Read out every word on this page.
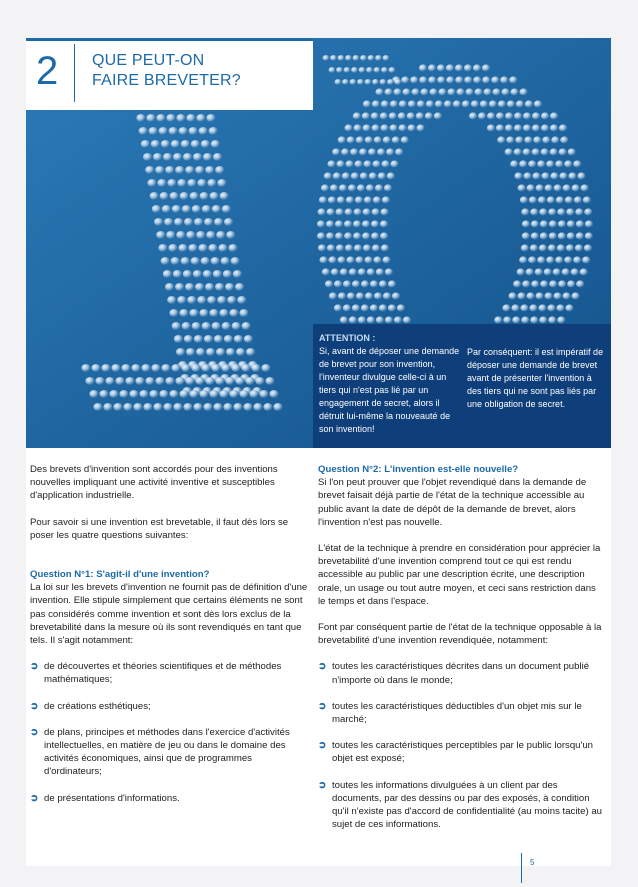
2 QUE PEUT-ON
FAIRE BREVETER?
ATTENTION :
Si, avant de déposer une demande de brevet pour son invention, l'inventeur divulgue celle-ci à un tiers qui n'est pas lié par un engagement de secret, alors il détruit lui-même la nouveauté de son invention!
Par conséquent: il est impératif de déposer une demande de brevet avant de présenter l'invention à des tiers qui ne sont pas liés par une obligation de secret.

Des brevets d'invention sont accordés pour des inventions nouvelles impliquant une activité inventive et susceptibles d'application industrielle.

Pour savoir si une invention est brevetable, il faut dès lors se poser les quatre questions suivantes:

Question N°1: S'agit-il d'une invention?
La loi sur les brevets d'invention ne fournit pas de définition d'une invention. Elle stipule simplement que certains éléments ne sont pas considérés comme invention et sont dès lors exclus de la brevetabilité dans la mesure où ils sont revendiqués en tant que tels. Il s'agit notamment:

➲ de découvertes et théories scientifiques et de méthodes mathématiques;
➲ de créations esthétiques;
➲ de plans, principes et méthodes dans l'exercice d'activités intellectuelles, en matière de jeu ou dans le domaine des activités économiques, ainsi que de programmes d'ordinateurs;
➲ de présentations d'informations.

Question N°2: L'invention est-elle nouvelle?
Si l'on peut prouver que l'objet revendiqué dans la demande de brevet faisait déjà partie de l'état de la technique accessible au public avant la date de dépôt de la demande de brevet, alors l'invention n'est pas nouvelle.

L'état de la technique à prendre en considération pour apprécier la brevetabilité d'une invention comprend tout ce qui est rendu accessible au public par une description écrite, une description orale, un usage ou tout autre moyen, et ceci sans restriction dans le temps et dans l'espace.

Font par conséquent partie de l'état de la technique opposable à la brevetabilité d'une invention revendiquée, notamment:

➲ toutes les caractéristiques décrites dans un document publié n'importe où dans le monde;
➲ toutes les caractéristiques déductibles d'un objet mis sur le marché;
➲ toutes les caractéristiques perceptibles par le public lorsqu'un objet est exposé;
➲ toutes les informations divulguées à un client par des documents, par des dessins ou par des exposés, à condition qu'il n'existe pas d'accord de confidentialité (au moins tacite) au sujet de ces informations.
5
